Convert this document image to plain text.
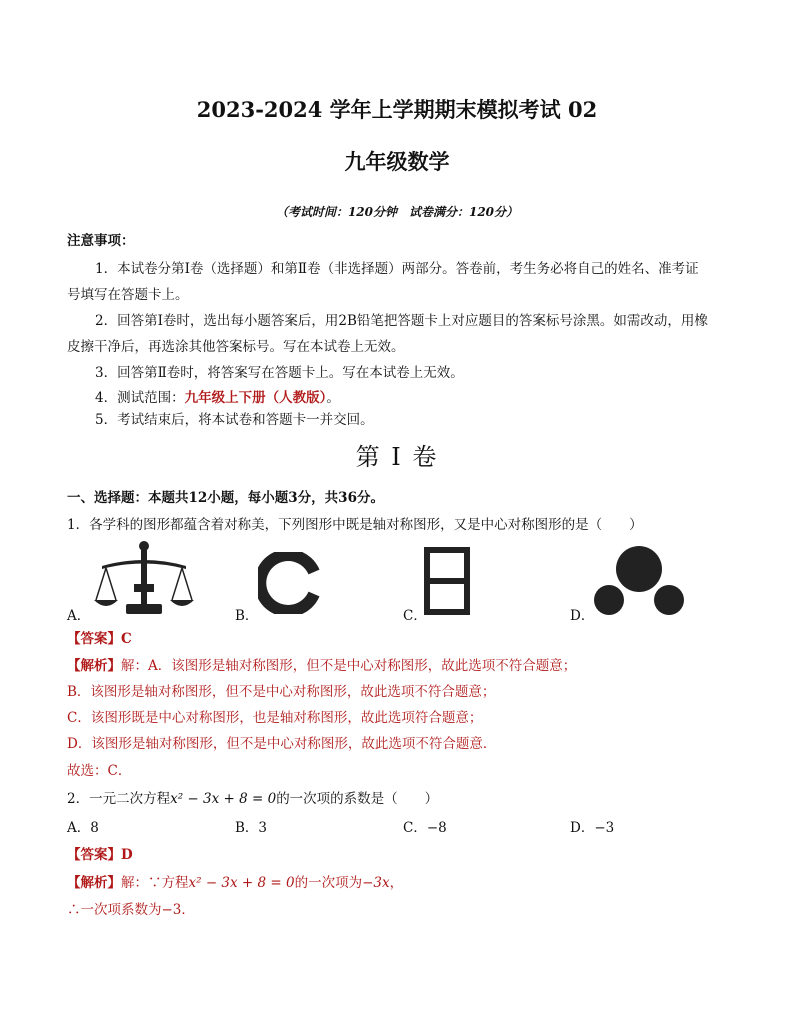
2023-2024 学年上学期期末模拟考试 02
九年级数学
（考试时间：120分钟　试卷满分：120分）
注意事项：
1．本试卷分第Ⅰ卷（选择题）和第Ⅱ卷（非选择题）两部分。答卷前，考生务必将自己的姓名、准考证
号填写在答题卡上。
2．回答第Ⅰ卷时，选出每小题答案后，用2B铅笔把答题卡上对应题目的答案标号涂黑。如需改动，用橡
皮擦干净后，再选涂其他答案标号。写在本试卷上无效。
3．回答第Ⅱ卷时，将答案写在答题卡上。写在本试卷上无效。
4．测试范围：九年级上下册（人教版）。
5．考试结束后，将本试卷和答题卡一并交回。
第 I 卷
一、选择题：本题共12小题，每小题3分，共36分。
1．各学科的图形都蕴含着对称美，下列图形中既是轴对称图形，又是中心对称图形的是（　　）
A．	B．	C．	D．
【答案】C
【解析】解：A．该图形是轴对称图形，但不是中心对称图形，故此选项不符合题意；
B．该图形是轴对称图形，但不是中心对称图形，故此选项不符合题意；
C．该图形既是中心对称图形，也是轴对称图形，故此选项符合题意；
D．该图形是轴对称图形，但不是中心对称图形，故此选项不符合题意．
故选：C．
2．一元二次方程x² − 3x + 8 = 0的一次项的系数是（　　）
A．8	B．3	C．−8	D．−3
【答案】D
【解析】解：∵方程x² − 3x + 8 = 0的一次项为−3x，
∴一次项系数为−3．
